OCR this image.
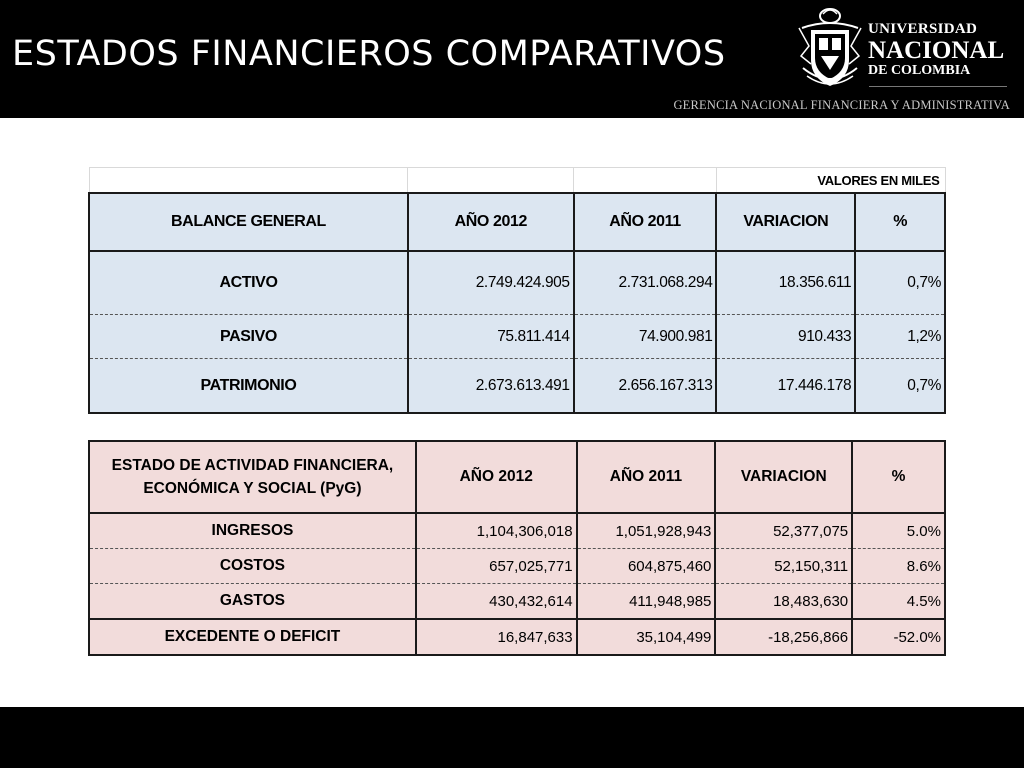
ESTADOS FINANCIEROS COMPARATIVOS
UNIVERSIDAD
NACIONAL
DE COLOMBIA
GERENCIA NACIONAL FINANCIERA Y ADMINISTRATIVA
			VALORES EN MILES	
BALANCE GENERAL	AÑO 2012	AÑO 2011	VARIACION	%
ACTIVO	2.749.424.905	2.731.068.294	18.356.611	0,7%
PASIVO	75.811.414	74.900.981	910.433	1,2%
PATRIMONIO	2.673.613.491	2.656.167.313	17.446.178	0,7%
ESTADO DE ACTIVIDAD FINANCIERA,
ECONÓMICA Y SOCIAL (PyG)	AÑO 2012	AÑO 2011	VARIACION	%
INGRESOS	1,104,306,018	1,051,928,943	52,377,075	5.0%
COSTOS	657,025,771	604,875,460	52,150,311	8.6%
GASTOS	430,432,614	411,948,985	18,483,630	4.5%
EXCEDENTE O DEFICIT	16,847,633	35,104,499	-18,256,866	-52.0%
